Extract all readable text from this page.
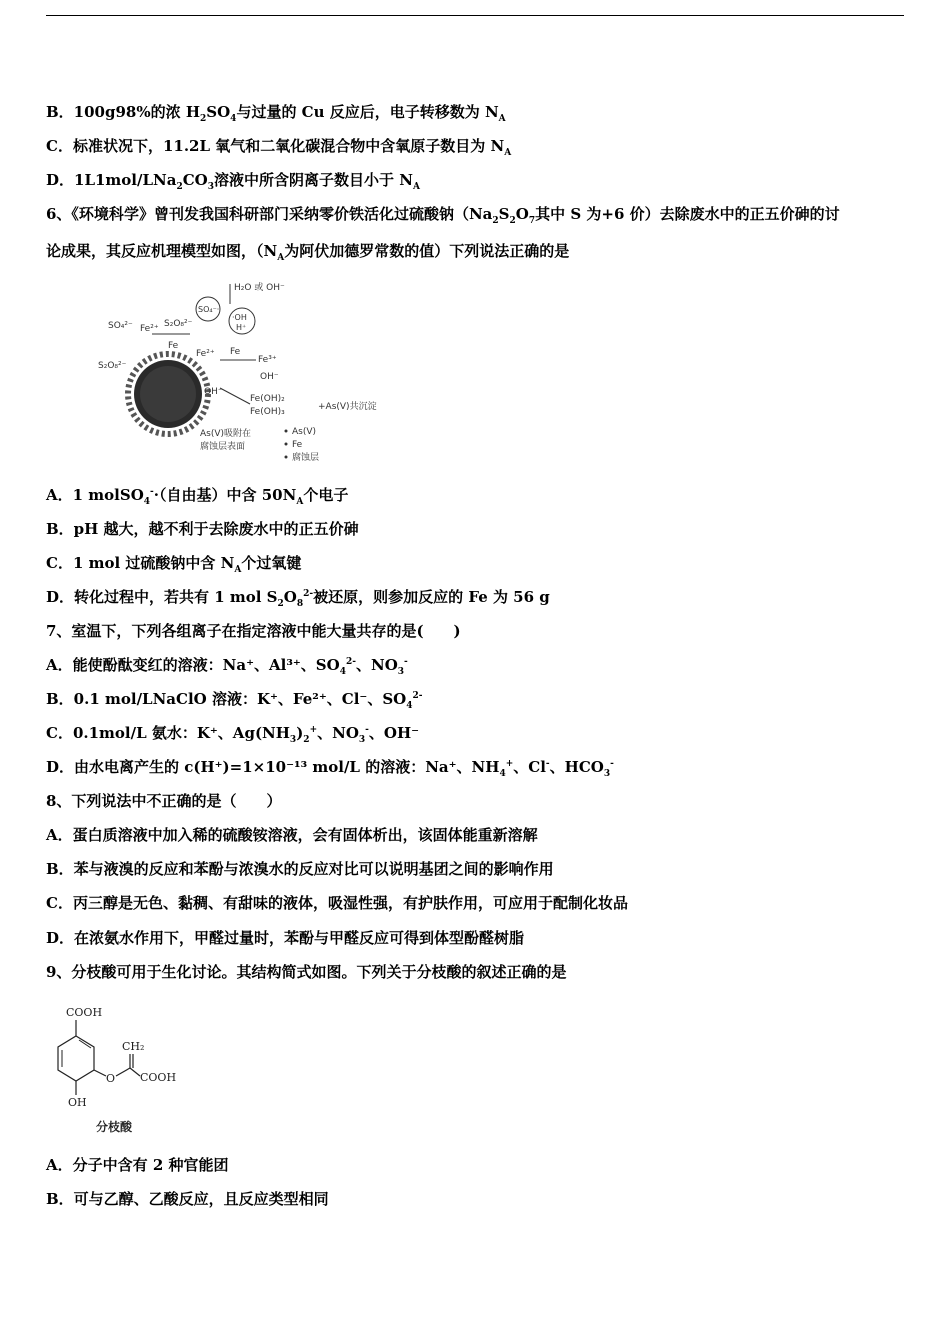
B．100g98%的浓 $H_2SO_4$与过量的 Cu 反应后，电子转移数为 $N_A$
C．标准状况下，11.2L 氧气和二氧化碳混合物中含氧原子数目为 $N_A$
D．$1L1mol/LNa_2CO_3$溶液中所含阴离子数目小于 $N_A$
6、《环境科学》曾刊发我国科研部门采纳零价铁活化过硫酸钠（$Na_2S_2O_7$其中 S 为+6 价）去除废水中的正五价砷的讨
论成果，其反应机理模型如图，（$N_A$为阿伏加德罗常数的值）下列说法正确的是
H₂O 或 OH⁻
SO₄⁻·
·OH
H⁺
SO₄²⁻ Fe²⁺ S₂O₈²⁻
Fe
Fe²⁺ Fe
Fe³⁺
S₂O₈²⁻
OH⁻
OH⁻
Fe(OH)₂
Fe(OH)₃	+As(V)共沉淀
As(V)吸附在
腐蚀层表面
As(V)
Fe
腐蚀层
A．1 molSO$_4$-·（自由基）中含 $50N_A$个电子
B．pH 越大，越不利于去除废水中的正五价砷
C．1 mol 过硫酸钠中含 $N_A$个过氧键
D．转化过程中，若共有 1 mol $S_2O_8^{2-}$被还原，则参加反应的 Fe 为 56 g
7、室温下，下列各组离子在指定溶液中能大量共存的是(　　)
A．能使酚酞变红的溶液：Na⁺、Al³⁺、$SO_4^{2-}$、$NO_3^-$
B．0.1 mol/LNaClO 溶液：K⁺、Fe²⁺、Cl⁻、$SO_4^{2-}$
C．0.1mol/L 氨水：K⁺、$Ag(NH_3)_2^+$、$NO_3^-$、OH⁻
D．由水电离产生的 c(H⁺)=1×10⁻¹³ mol/L 的溶液：Na⁺、$NH_4^+$、Cl-、$HCO_3^-$
8、下列说法中不正确的是（　　）
A．蛋白质溶液中加入稀的硫酸铵溶液，会有固体析出，该固体能重新溶解
B．苯与液溴的反应和苯酚与浓溴水的反应对比可以说明基团之间的影响作用
C．丙三醇是无色、黏稠、有甜味的液体，吸湿性强，有护肤作用，可应用于配制化妆品
D．在浓氨水作用下，甲醛过量时，苯酚与甲醛反应可得到体型酚醛树脂
9、分枝酸可用于生化讨论。其结构简式如图。下列关于分枝酸的叙述正确的是
COOH
O
CH₂
COOH
OH
分枝酸
A．分子中含有 2 种官能团
B．可与乙醇、乙酸反应，且反应类型相同
